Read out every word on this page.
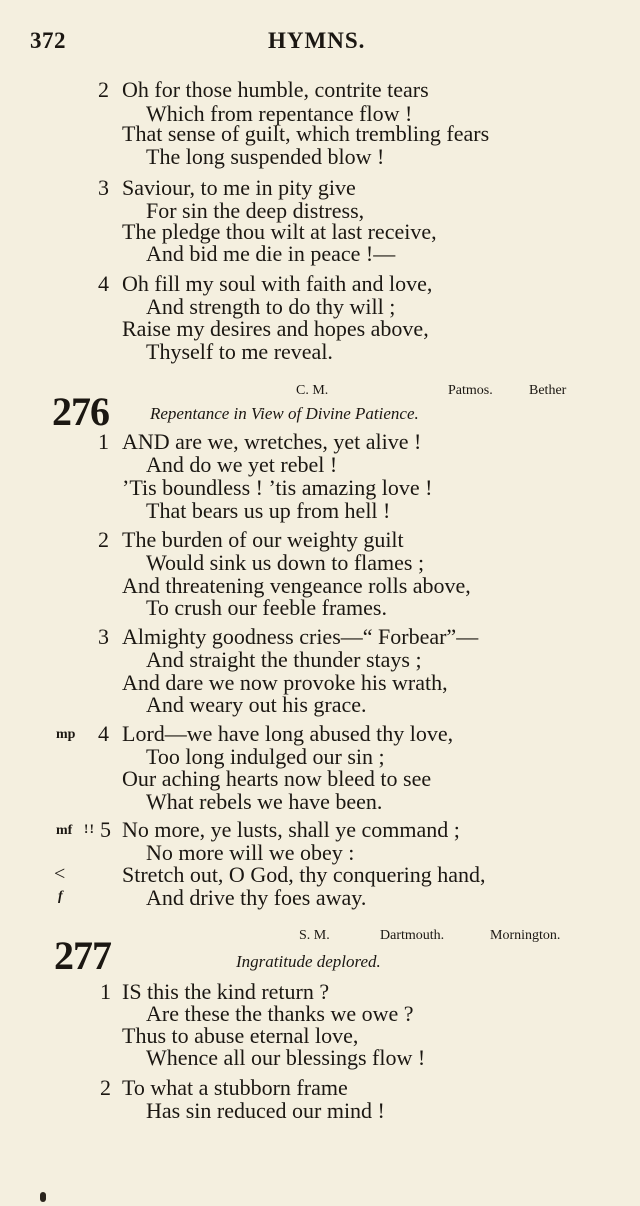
372	HYMNS.
2 Oh for those humble, contrite tears
Which from repentance flow !
That sense of guilt, which trembling fears
The long suspended blow !
3 Saviour, to me in pity give
For sin the deep distress,
The pledge thou wilt at last receive,
And bid me die in peace !—
4 Oh fill my soul with faith and love,
And strength to do thy will ;
Raise my desires and hopes above,
Thyself to me reveal.
C. M.	Patmos.	Bether
276 Repentance in View of Divine Patience.
1 AND are we, wretches, yet alive !
And do we yet rebel !
’Tis boundless ! ’tis amazing love !
That bears us up from hell !
2 The burden of our weighty guilt
Would sink us down to flames ;
And threatening vengeance rolls above,
To crush our feeble frames.
3 Almighty goodness cries—“ Forbear”—
And straight the thunder stays ;
And dare we now provoke his wrath,
And weary out his grace.
mp 4 Lord—we have long abused thy love,
Too long indulged our sin ;
Our aching hearts now bleed to see
What rebels we have been.
mf ! ! 5 No more, ye lusts, shall ye command ;
No more will we obey :
<	Stretch out, O God, thy conquering hand,
f	And drive thy foes away.
S. M.	Dartmouth.	Mornington.
277	Ingratitude deplored.
1 IS this the kind return ?
Are these the thanks we owe ?
Thus to abuse eternal love,
Whence all our blessings flow !
2 To what a stubborn frame
Has sin reduced our mind !
